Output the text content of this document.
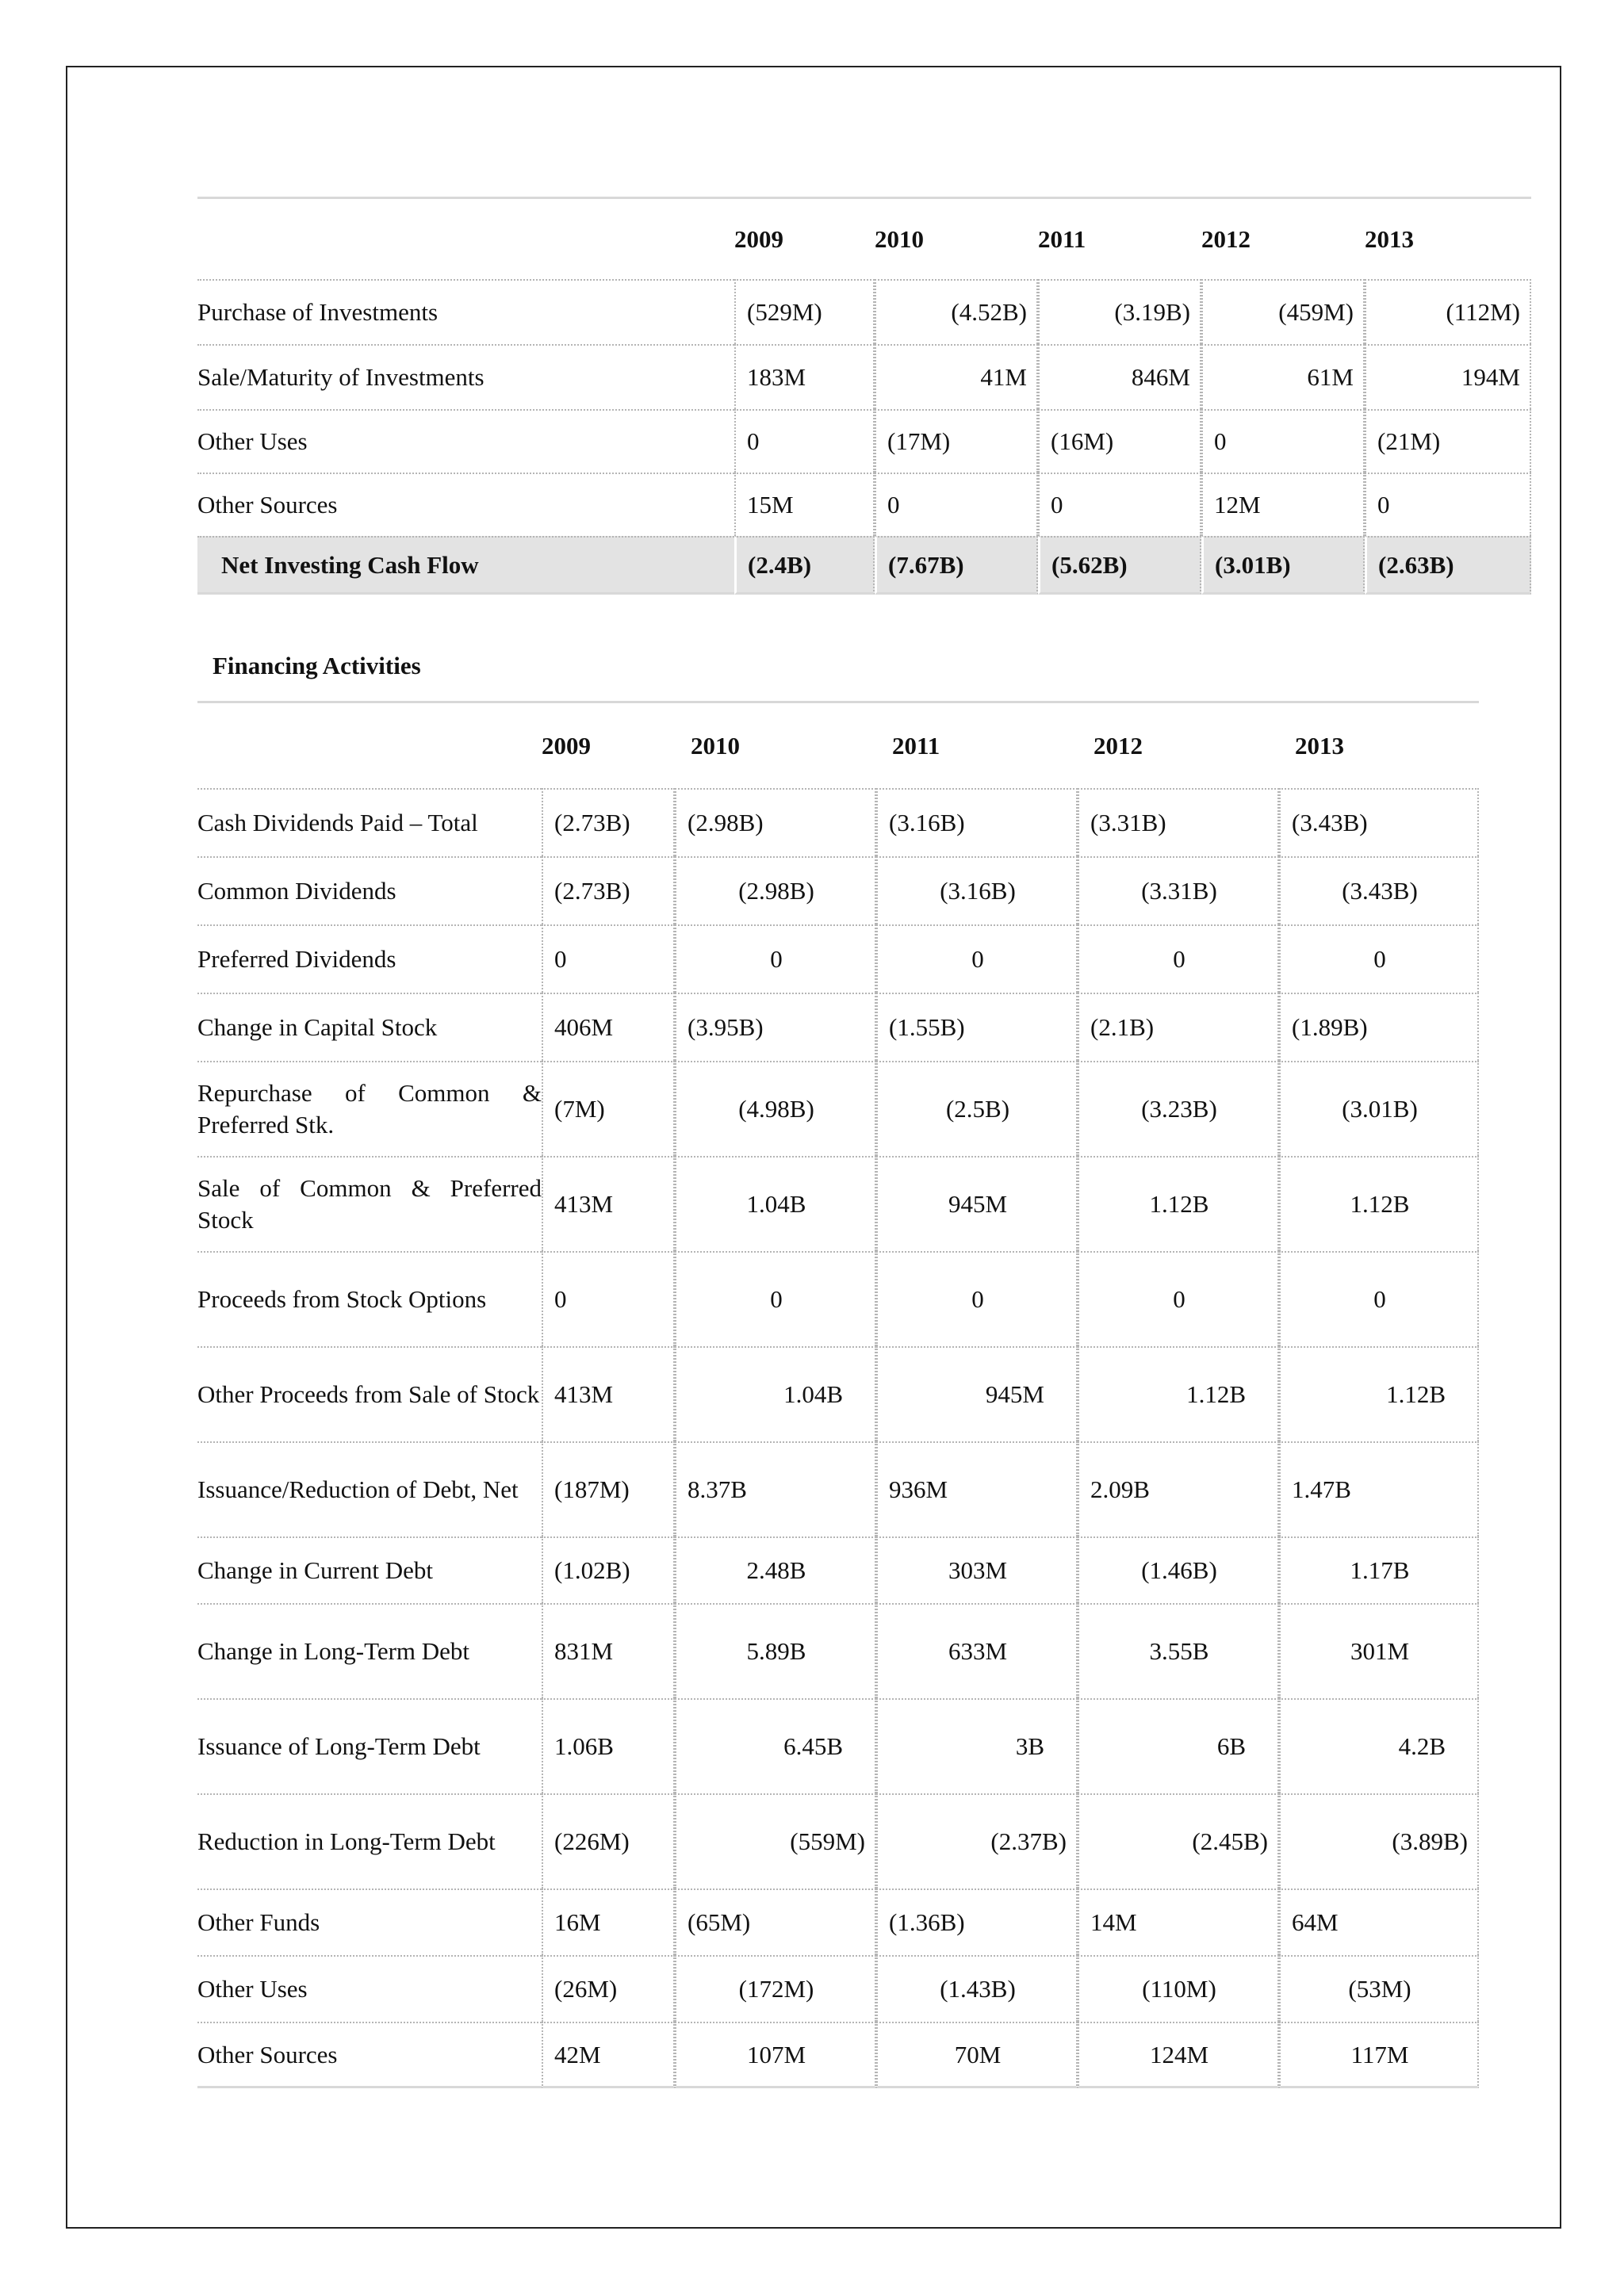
	2009	2010	2011	2012	2013
Purchase of Investments	(529M)	(4.52B)	(3.19B)	(459M)	(112M)
Sale/Maturity of Investments	183M	41M	846M	61M	194M
Other Uses	0	(17M)	(16M)	0	(21M)
Other Sources	15M	0	0	12M	0
Net Investing Cash Flow	(2.4B)	(7.67B)	(5.62B)	(3.01B)	(2.63B)
Financing Activities
	2009	2010	2011	2012	2013
Cash Dividends Paid – Total	(2.73B)	(2.98B)	(3.16B)	(3.31B)	(3.43B)
Common Dividends	(2.73B)	(2.98B)	(3.16B)	(3.31B)	(3.43B)
Preferred Dividends	0	0	0	0	0
Change in Capital Stock	406M	(3.95B)	(1.55B)	(2.1B)	(1.89B)
Repurchase of Common & Preferred Stk.	(7M)	(4.98B)	(2.5B)	(3.23B)	(3.01B)
Sale of Common & Preferred Stock	413M	1.04B	945M	1.12B	1.12B
Proceeds from Stock Options	0	0	0	0	0
Other Proceeds from Sale of Stock	413M	1.04B	945M	1.12B	1.12B
Issuance/Reduction of Debt, Net	(187M)	8.37B	936M	2.09B	1.47B
Change in Current Debt	(1.02B)	2.48B	303M	(1.46B)	1.17B
Change in Long-Term Debt	831M	5.89B	633M	3.55B	301M
Issuance of Long-Term Debt	1.06B	6.45B	3B	6B	4.2B
Reduction in Long-Term Debt	(226M)	(559M)	(2.37B)	(2.45B)	(3.89B)
Other Funds	16M	(65M)	(1.36B)	14M	64M
Other Uses	(26M)	(172M)	(1.43B)	(110M)	(53M)
Other Sources	42M	107M	70M	124M	117M
